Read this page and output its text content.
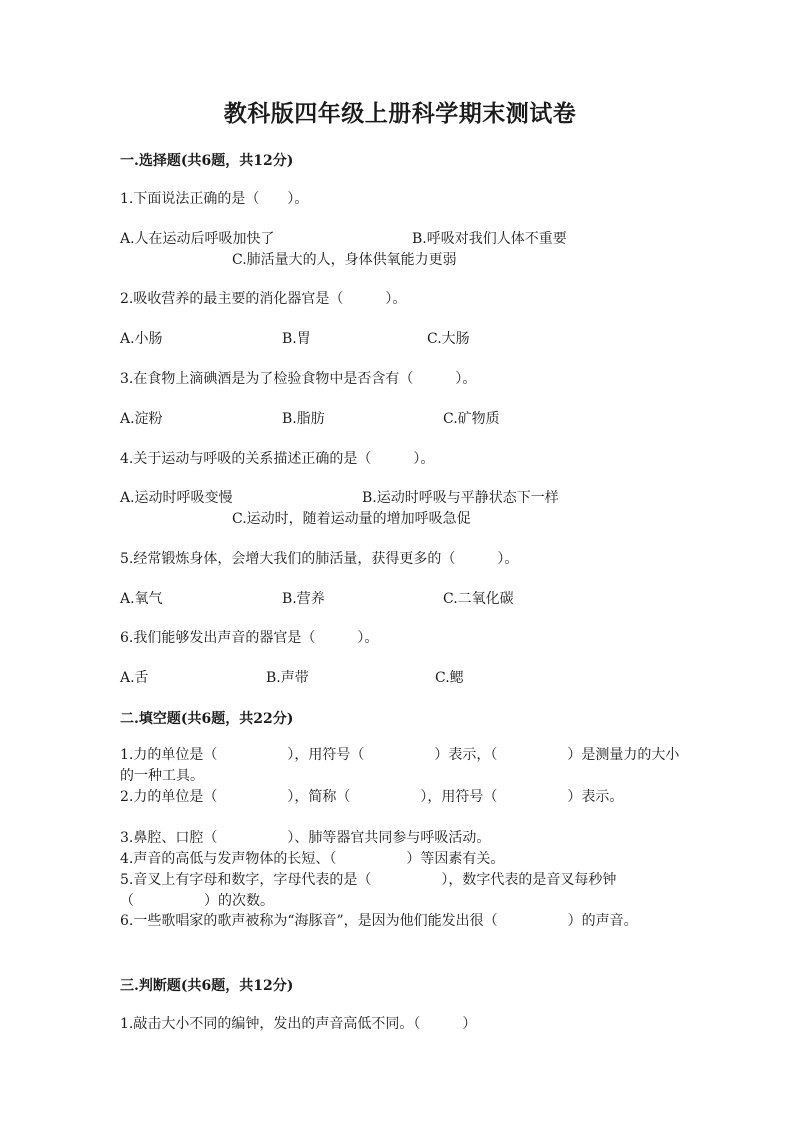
教科版四年级上册科学期末测试卷
一.选择题(共6题，共12分)
1.下面说法正确的是（　　）。
A.人在运动后呼吸加快了	B.呼吸对我们人体不重要
C.肺活量大的人，身体供氧能力更弱
2.吸收营养的最主要的消化器官是（　　　）。
A.小肠	B.胃	C.大肠
3.在食物上滴碘酒是为了检验食物中是否含有（　　　）。
A.淀粉	B.脂肪	C.矿物质
4.关于运动与呼吸的关系描述正确的是（　　　）。
A.运动时呼吸变慢	B.运动时呼吸与平静状态下一样
C.运动时，随着运动量的增加呼吸急促
5.经常锻炼身体，会增大我们的肺活量，获得更多的（　　　）。
A.氧气	B.营养	C.二氧化碳
6.我们能够发出声音的器官是（　　　）。
A.舌	B.声带	C.鳃
二.填空题(共6题，共22分)
1.力的单位是（　　　　　），用符号（　　　　　）表示，（　　　　　）是测量力的大小的一种工具。
2.力的单位是（　　　　　），简称（　　　　　），用符号（　　　　　）表示。
3.鼻腔、口腔（　　　　　）、肺等器官共同参与呼吸活动。
4.声音的高低与发声物体的长短、（　　　　　）等因素有关。
5.音叉上有字母和数字，字母代表的是（　　　　　），数字代表的是音叉每秒钟（　　　　　）的次数。
6.一些歌唱家的歌声被称为“海豚音”，是因为他们能发出很（　　　　　）的声音。
三.判断题(共6题，共12分)
1.敲击大小不同的编钟，发出的声音高低不同。（　　　）
